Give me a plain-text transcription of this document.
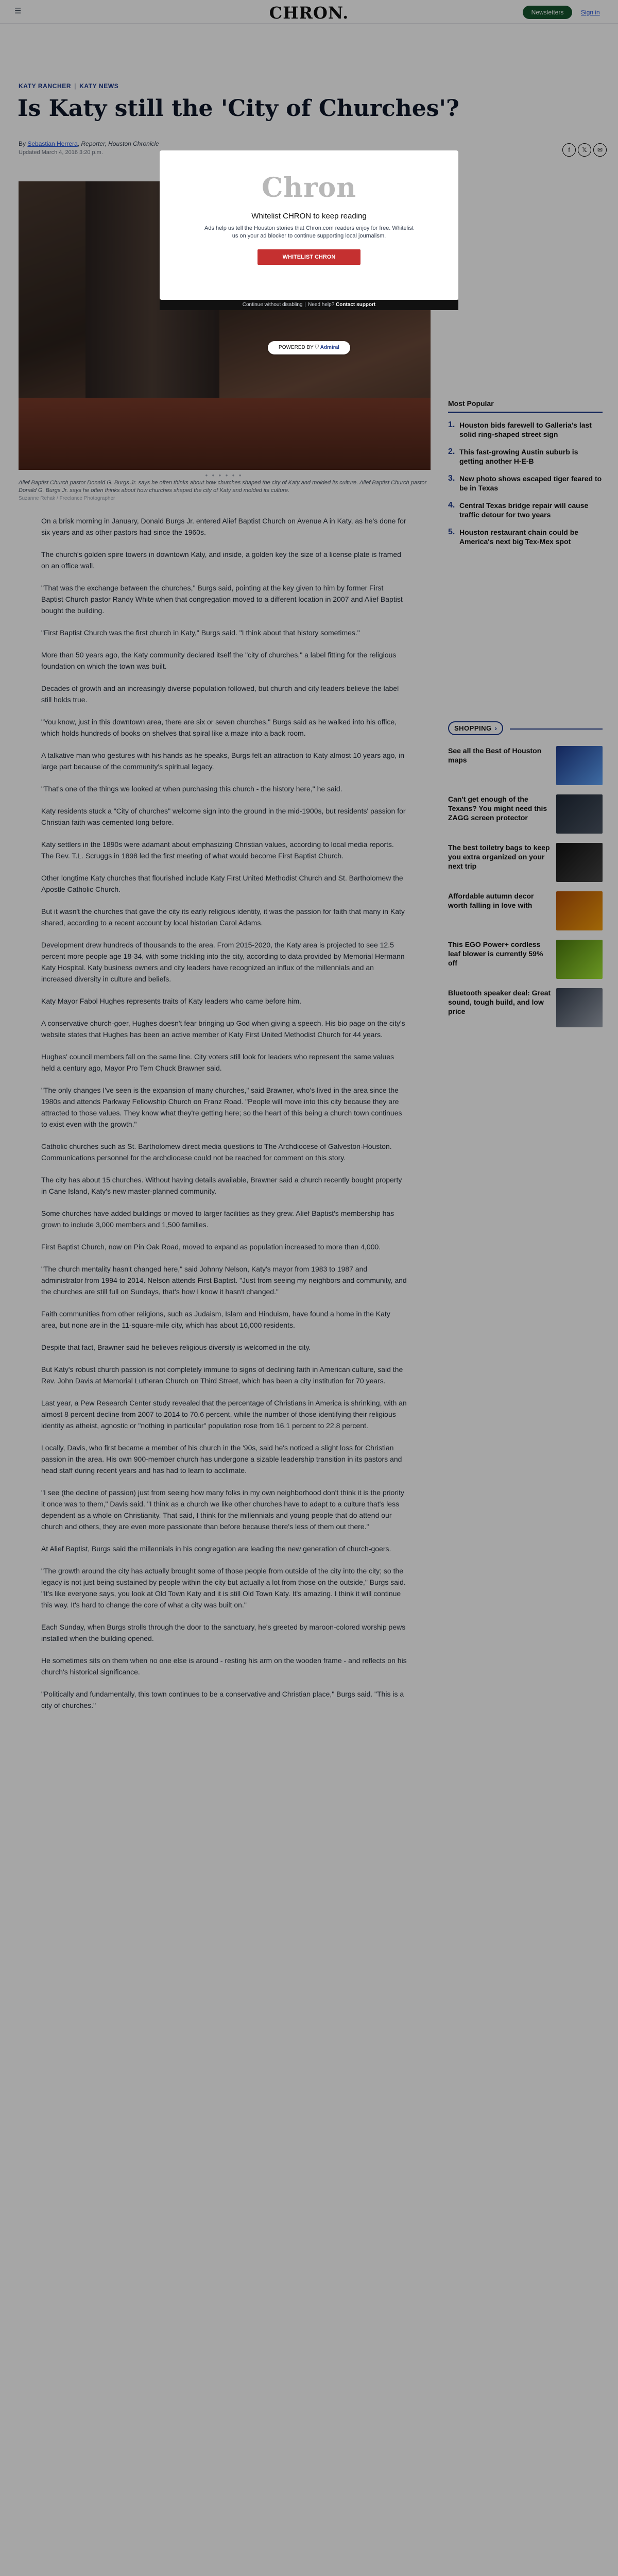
☰	CHRON.	Newsletters	Sign in
KATY RANCHER | KATY NEWS
Is Katy still the 'City of Churches'?
By Sebastian Herrera, Reporter, Houston Chronicle
Updated March 4, 2016 3:20 p.m.	f	𝕏	✉
● ● ● ● ● ●
Alief Baptist Church pastor Donald G. Burgs Jr. says he often thinks about how churches shaped the city of Katy and molded its culture. Alief Baptist Church pastor Donald G. Burgs Jr. says he often thinks about how churches shaped the city of Katy and molded its culture.
Suzanne Rehak / Freelance Photographer

On a brisk morning in January, Donald Burgs Jr. entered Alief Baptist Church on Avenue A in Katy, as he's done for six years and as other pastors had since the 1960s.

The church's golden spire towers in downtown Katy, and inside, a golden key the size of a license plate is framed on an office wall.

"That was the exchange between the churches," Burgs said, pointing at the key given to him by former First Baptist Church pastor Randy White when that congregation moved to a different location in 2007 and Alief Baptist bought the building.

"First Baptist Church was the first church in Katy," Burgs said. "I think about that history sometimes."

More than 50 years ago, the Katy community declared itself the "city of churches," a label fitting for the religious foundation on which the town was built.

Decades of growth and an increasingly diverse population followed, but church and city leaders believe the label still holds true.

"You know, just in this downtown area, there are six or seven churches," Burgs said as he walked into his office, which holds hundreds of books on shelves that spiral like a maze into a back room.

A talkative man who gestures with his hands as he speaks, Burgs felt an attraction to Katy almost 10 years ago, in large part because of the community's spiritual legacy.

"That's one of the things we looked at when purchasing this church - the history here," he said.

Katy residents stuck a "City of churches" welcome sign into the ground in the mid-1900s, but residents' passion for Christian faith was cemented long before.

Katy settlers in the 1890s were adamant about emphasizing Christian values, according to local media reports. The Rev. T.L. Scruggs in 1898 led the first meeting of what would become First Baptist Church.

Other longtime Katy churches that flourished include Katy First United Methodist Church and St. Bartholomew the Apostle Catholic Church.

But it wasn't the churches that gave the city its early religious identity, it was the passion for faith that many in Katy shared, according to a recent account by local historian Carol Adams.

Development drew hundreds of thousands to the area. From 2015-2020, the Katy area is projected to see 12.5 percent more people age 18-34, with some trickling into the city, according to data provided by Memorial Hermann Katy Hospital. Katy business owners and city leaders have recognized an influx of the millennials and an increased diversity in culture and beliefs.

Katy Mayor Fabol Hughes represents traits of Katy leaders who came before him.

A conservative church-goer, Hughes doesn't fear bringing up God when giving a speech. His bio page on the city's website states that Hughes has been an active member of Katy First United Methodist Church for 44 years.

Hughes' council members fall on the same line. City voters still look for leaders who represent the same values held a century ago, Mayor Pro Tem Chuck Brawner said.

"The only changes I've seen is the expansion of many churches," said Brawner, who's lived in the area since the 1980s and attends Parkway Fellowship Church on Franz Road. "People will move into this city because they are attracted to those values. They know what they're getting here; so the heart of this being a church town continues to exist even with the growth."

Catholic churches such as St. Bartholomew direct media questions to The Archdiocese of Galveston-Houston. Communications personnel for the archdiocese could not be reached for comment on this story.

The city has about 15 churches. Without having details available, Brawner said a church recently bought property in Cane Island, Katy's new master-planned community.

Some churches have added buildings or moved to larger facilities as they grew. Alief Baptist's membership has grown to include 3,000 members and 1,500 families.

First Baptist Church, now on Pin Oak Road, moved to expand as population increased to more than 4,000.

"The church mentality hasn't changed here," said Johnny Nelson, Katy's mayor from 1983 to 1987 and administrator from 1994 to 2014. Nelson attends First Baptist. "Just from seeing my neighbors and community, and the churches are still full on Sundays, that's how I know it hasn't changed."

Faith communities from other religions, such as Judaism, Islam and Hinduism, have found a home in the Katy area, but none are in the 11-square-mile city, which has about 16,000 residents.

Despite that fact, Brawner said he believes religious diversity is welcomed in the city.

But Katy's robust church passion is not completely immune to signs of declining faith in American culture, said the Rev. John Davis at Memorial Lutheran Church on Third Street, which has been a city institution for 70 years.

Last year, a Pew Research Center study revealed that the percentage of Christians in America is shrinking, with an almost 8 percent decline from 2007 to 2014 to 70.6 percent, while the number of those identifying their religious identity as atheist, agnostic or "nothing in particular" population rose from 16.1 percent to 22.8 percent.

Locally, Davis, who first became a member of his church in the '90s, said he's noticed a slight loss for Christian passion in the area. His own 900-member church has undergone a sizable leadership transition in its pastors and head staff during recent years and has had to learn to acclimate.

"I see (the decline of passion) just from seeing how many folks in my own neighborhood don't think it is the priority it once was to them," Davis said. "I think as a church we like other churches have to adapt to a culture that's less dependent as a whole on Christianity. That said, I think for the millennials and young people that do attend our church and others, they are even more passionate than before because there's less of them out there."

At Alief Baptist, Burgs said the millennials in his congregation are leading the new generation of church-goers.

"The growth around the city has actually brought some of those people from outside of the city into the city; so the legacy is not just being sustained by people within the city but actually a lot from those on the outside," Burgs said. "It's like everyone says, you look at Old Town Katy and it is still Old Town Katy. It's amazing. I think it will continue this way. It's hard to change the core of what a city was built on."

Each Sunday, when Burgs strolls through the door to the sanctuary, he's greeted by maroon-colored worship pews installed when the building opened.

He sometimes sits on them when no one else is around - resting his arm on the wooden frame - and reflects on his church's historical significance.

"Politically and fundamentally, this town continues to be a conservative and Christian place," Burgs said. "This is a city of churches."

Most Popular
1. Houston bids farewell to Galleria's last solid ring-shaped street sign
2. This fast-growing Austin suburb is getting another H-E-B
3. New photo shows escaped tiger feared to be in Texas
4. Central Texas bridge repair will cause traffic detour for two years
5. Houston restaurant chain could be America's next big Tex-Mex spot
SHOPPING ›
See all the Best of Houston maps
Can't get enough of the Texans? You might need this ZAGG screen protector
The best toiletry bags to keep you extra organized on your next trip
Affordable autumn decor worth falling in love with
This EGO Power+ cordless leaf blower is currently 59% off
Bluetooth speaker deal: Great sound, tough build, and low price
Chron
Whitelist CHRON to keep reading
Ads help us tell the Houston stories that Chron.com readers enjoy for free. Whitelist us on your ad blocker to continue supporting local journalism.
WHITELIST CHRON
Continue without disabling | Need help? Contact support
POWERED BY ⛉ Admiral
